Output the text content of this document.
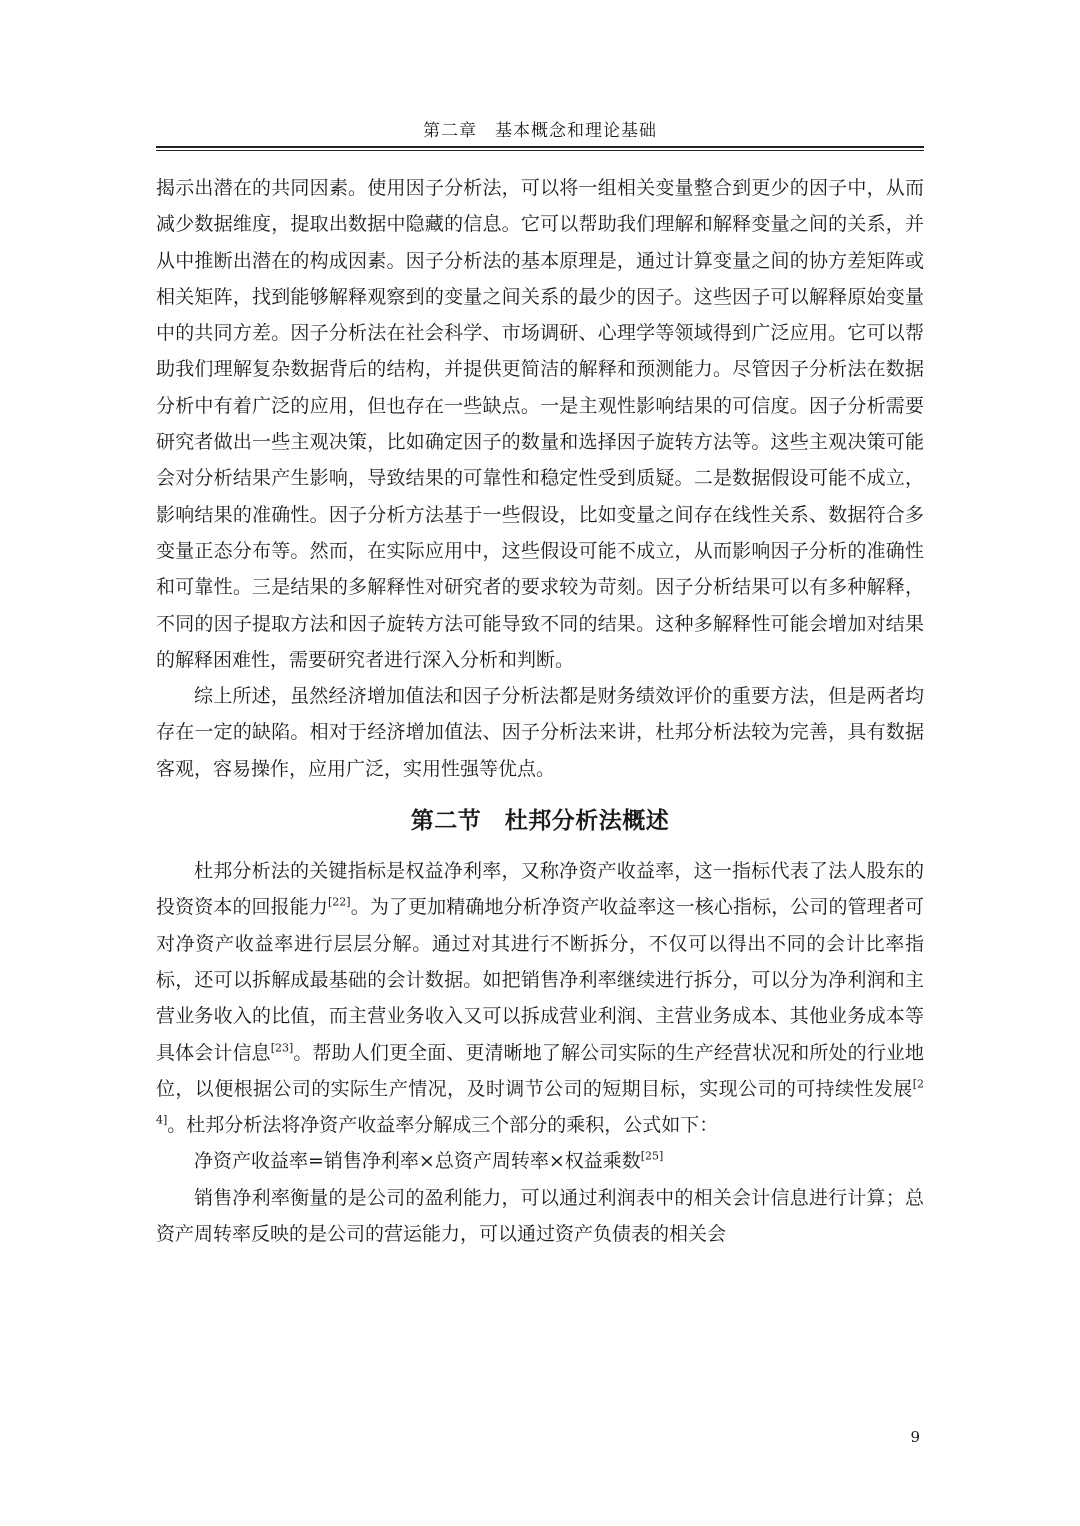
第二章　基本概念和理论基础

揭示出潜在的共同因素。使用因子分析法，可以将一组相关变量整合到更少的因子中，从而减少数据维度，提取出数据中隐藏的信息。它可以帮助我们理解和解释变量之间的关系，并从中推断出潜在的构成因素。因子分析法的基本原理是，通过计算变量之间的协方差矩阵或相关矩阵，找到能够解释观察到的变量之间关系的最少的因子。这些因子可以解释原始变量中的共同方差。因子分析法在社会科学、市场调研、心理学等领域得到广泛应用。它可以帮助我们理解复杂数据背后的结构，并提供更简洁的解释和预测能力。尽管因子分析法在数据分析中有着广泛的应用，但也存在一些缺点。一是主观性影响结果的可信度。因子分析需要研究者做出一些主观决策，比如确定因子的数量和选择因子旋转方法等。这些主观决策可能会对分析结果产生影响，导致结果的可靠性和稳定性受到质疑。二是数据假设可能不成立，影响结果的准确性。因子分析方法基于一些假设，比如变量之间存在线性关系、数据符合多变量正态分布等。然而，在实际应用中，这些假设可能不成立，从而影响因子分析的准确性和可靠性。三是结果的多解释性对研究者的要求较为苛刻。因子分析结果可以有多种解释，不同的因子提取方法和因子旋转方法可能导致不同的结果。这种多解释性可能会增加对结果的解释困难性，需要研究者进行深入分析和判断。

综上所述，虽然经济增加值法和因子分析法都是财务绩效评价的重要方法，但是两者均存在一定的缺陷。相对于经济增加值法、因子分析法来讲，杜邦分析法较为完善，具有数据客观，容易操作，应用广泛，实用性强等优点。

第二节　杜邦分析法概述

杜邦分析法的关键指标是权益净利率，又称净资产收益率，这一指标代表了法人股东的投资资本的回报能力[22]。为了更加精确地分析净资产收益率这一核心指标，公司的管理者可对净资产收益率进行层层分解。通过对其进行不断拆分，不仅可以得出不同的会计比率指标，还可以拆解成最基础的会计数据。如把销售净利率继续进行拆分，可以分为净利润和主营业务收入的比值，而主营业务收入又可以拆成营业利润、主营业务成本、其他业务成本等具体会计信息[23]。帮助人们更全面、更清晰地了解公司实际的生产经营状况和所处的行业地位，以便根据公司的实际生产情况，及时调节公司的短期目标，实现公司的可持续性发展[24]。杜邦分析法将净资产收益率分解成三个部分的乘积，公式如下：

净资产收益率=销售净利率×总资产周转率×权益乘数[25]

销售净利率衡量的是公司的盈利能力，可以通过利润表中的相关会计信息进行计算；总资产周转率反映的是公司的营运能力，可以通过资产负债表的相关会

9
